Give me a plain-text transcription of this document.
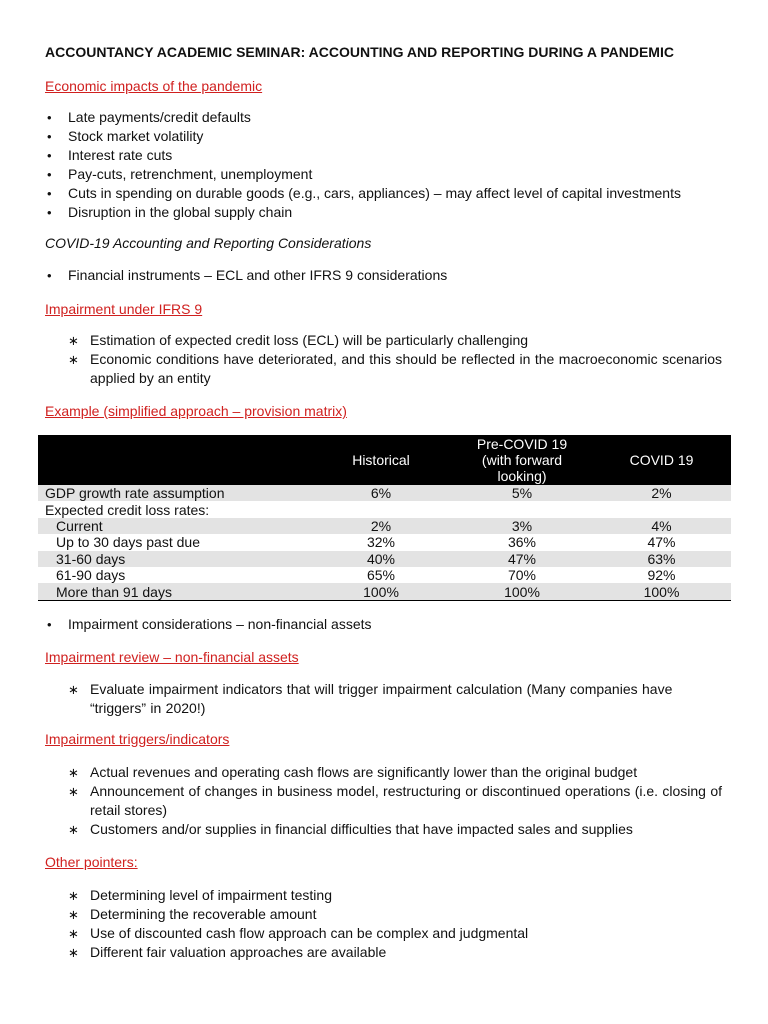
ACCOUNTANCY ACADEMIC SEMINAR: ACCOUNTING AND REPORTING DURING A PANDEMIC
Economic impacts of the pandemic
• Late payments/credit defaults
• Stock market volatility
• Interest rate cuts
• Pay-cuts, retrenchment, unemployment
• Cuts in spending on durable goods (e.g., cars, appliances) – may affect level of capital investments
• Disruption in the global supply chain
COVID-19 Accounting and Reporting Considerations
• Financial instruments – ECL and other IFRS 9 considerations
Impairment under IFRS 9
∗ Estimation of expected credit loss (ECL) will be particularly challenging
∗ Economic conditions have deteriorated, and this should be reflected in the macroeconomic scenarios applied by an entity
Example (simplified approach – provision matrix)
	Historical	Pre-COVID 19 (with forward looking)	COVID 19
GDP growth rate assumption	6%	5%	2%
Expected credit loss rates:			
Current	2%	3%	4%
Up to 30 days past due	32%	36%	47%
31-60 days	40%	47%	63%
61-90 days	65%	70%	92%
More than 91 days	100%	100%	100%
• Impairment considerations – non-financial assets
Impairment review – non-financial assets
∗ Evaluate impairment indicators that will trigger impairment calculation (Many companies have “triggers” in 2020!)
Impairment triggers/indicators
∗ Actual revenues and operating cash flows are significantly lower than the original budget
∗ Announcement of changes in business model, restructuring or discontinued operations (i.e. closing of retail stores)
∗ Customers and/or supplies in financial difficulties that have impacted sales and supplies
Other pointers:
∗ Determining level of impairment testing
∗ Determining the recoverable amount
∗ Use of discounted cash flow approach can be complex and judgmental
∗ Different fair valuation approaches are available
